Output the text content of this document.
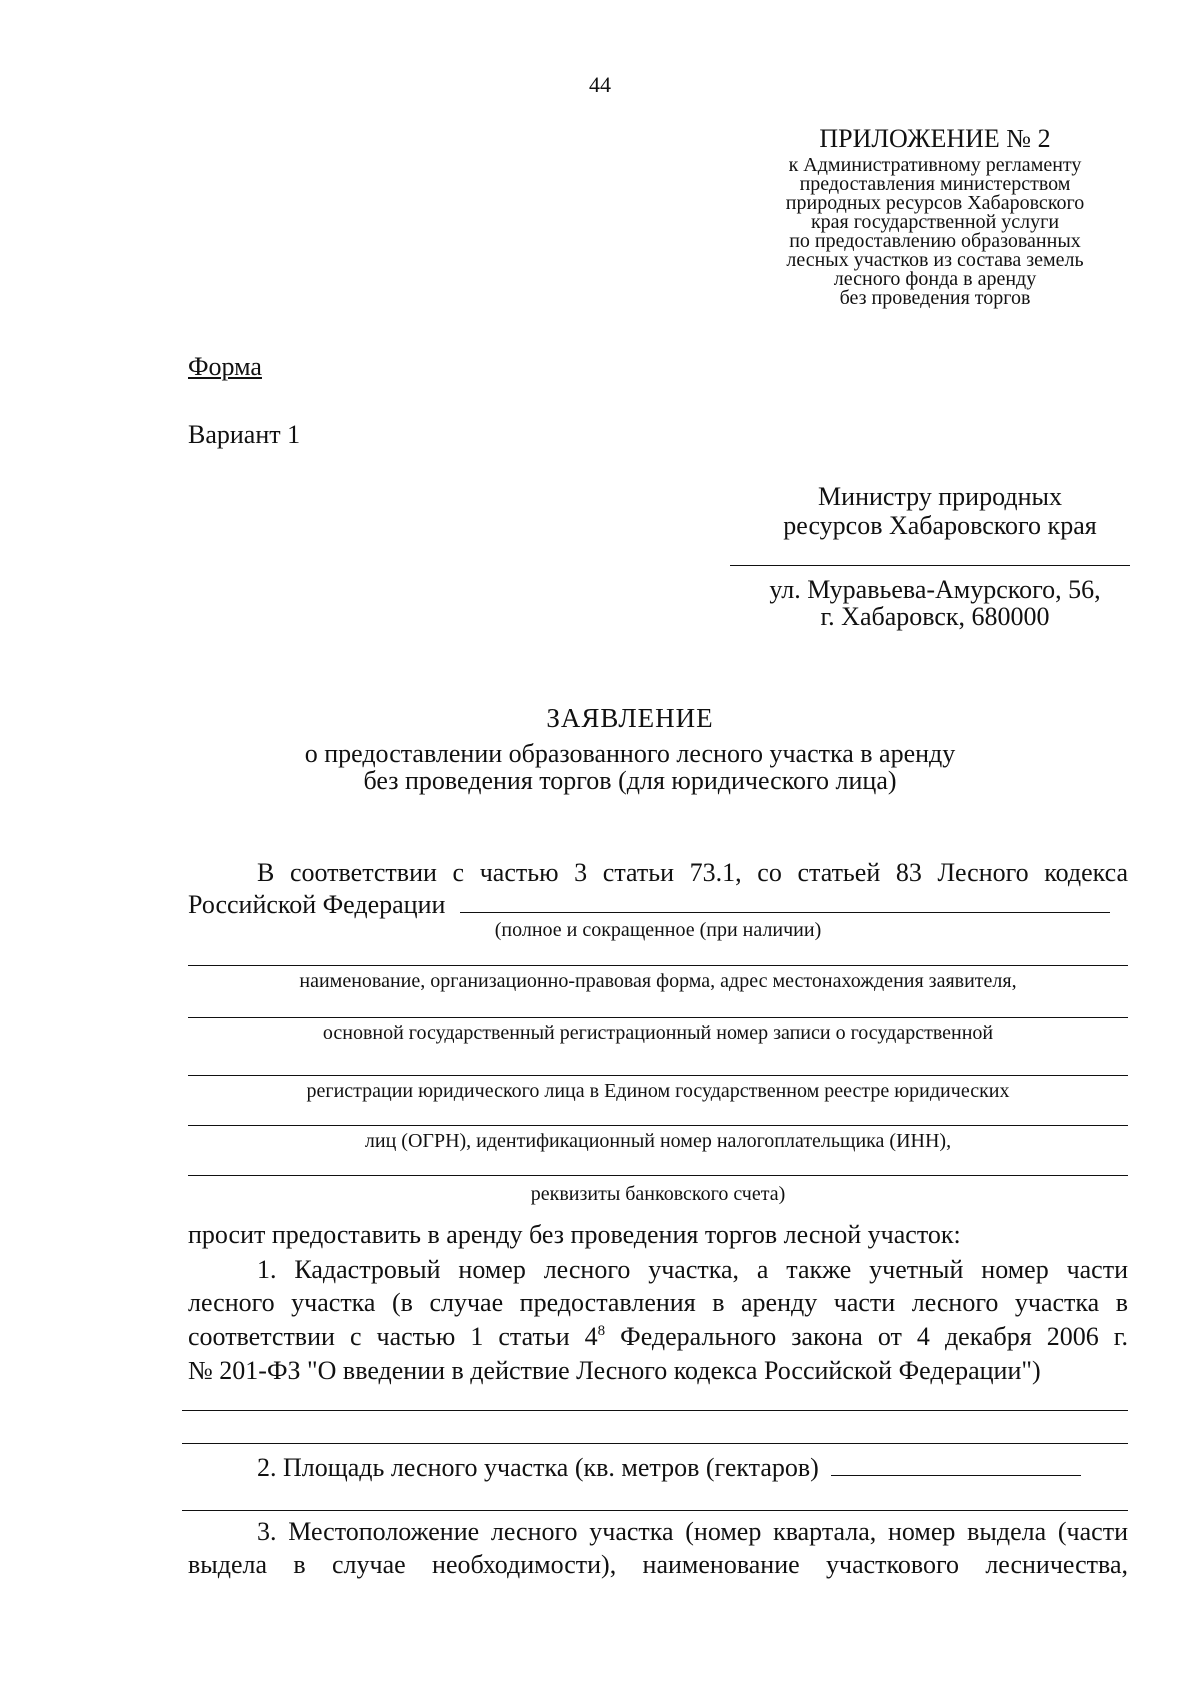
44
ПРИЛОЖЕНИЕ № 2
к Административному регламенту
предоставления министерством
природных ресурсов Хабаровского
края государственной услуги
по предоставлению образованных
лесных участков из состава земель
лесного фонда в аренду
без проведения торгов
Форма
Вариант 1
Министру природных
ресурсов Хабаровского края
ул. Муравьева-Амурского, 56,
г. Хабаровск, 680000
ЗАЯВЛЕНИЕ
о предоставлении образованного лесного участка в аренду
без проведения торгов (для юридического лица)
В соответствии с частью 3 статьи 73.1, со статьей 83 Лесного кодекса
Российской Федерации
(полное и сокращенное (при наличии)
наименование, организационно-правовая форма, адрес местонахождения заявителя,
основной государственный регистрационный номер записи о государственной
регистрации юридического лица в Едином государственном реестре юридических
лиц (ОГРН), идентификационный номер налогоплательщика (ИНН),
реквизиты банковского счета)
просит предоставить в аренду без проведения торгов лесной участок:
1. Кадастровый номер лесного участка, а также учетный номер части
лесного участка (в случае предоставления в аренду части лесного участка в
соответствии с частью 1 статьи $4^8$ Федерального закона от 4 декабря 2006 г.
№ 201-ФЗ "О введении в действие Лесного кодекса Российской Федерации")
2. Площадь лесного участка (кв. метров (гектаров)
3. Местоположение лесного участка (номер квартала, номер выдела (части
выдела в случае необходимости), наименование участкового лесничества,
